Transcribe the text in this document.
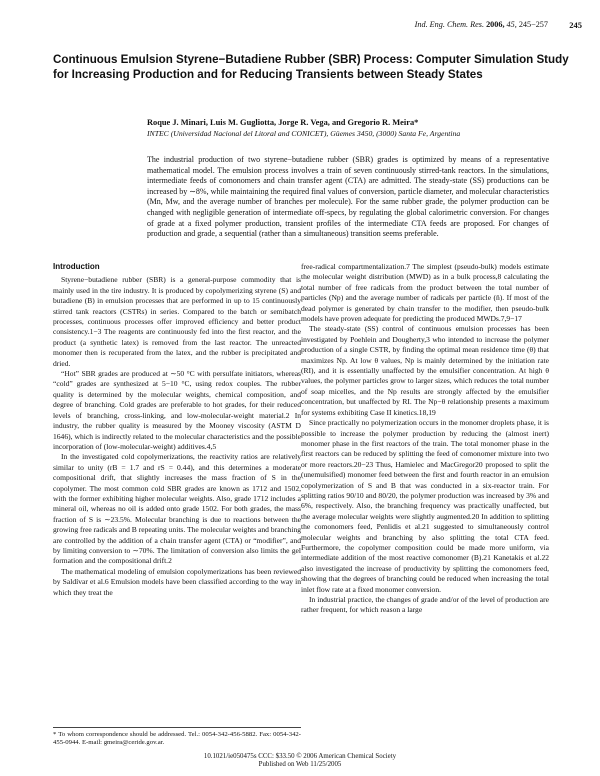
Ind. Eng. Chem. Res. 2006, 45, 245−257	245
Continuous Emulsion Styrene−Butadiene Rubber (SBR) Process: Computer Simulation Study for Increasing Production and for Reducing Transients between Steady States
Roque J. Minari, Luis M. Gugliotta, Jorge R. Vega, and Gregorio R. Meira*
INTEC (Universidad Nacional del Litoral and CONICET), Güemes 3450, (3000) Santa Fe, Argentina
The industrial production of two styrene−butadiene rubber (SBR) grades is optimized by means of a representative mathematical model. The emulsion process involves a train of seven continuously stirred-tank reactors. In the simulations, intermediate feeds of comonomers and chain transfer agent (CTA) are admitted. The steady-state (SS) productions can be increased by ∼8%, while maintaining the required final values of conversion, particle diameter, and molecular characteristics (Mn, Mw, and the average number of branches per molecule). For the same rubber grade, the polymer production can be changed with negligible generation of intermediate off-specs, by regulating the global calorimetric conversion. For changes of grade at a fixed polymer production, transient profiles of the intermediate CTA feeds are proposed. For changes of production and grade, a sequential (rather than a simultaneous) transition seems preferable.
Introduction

Styrene−butadiene rubber (SBR) is a general-purpose commodity that is mainly used in the tire industry. It is produced by copolymerizing styrene (S) and butadiene (B) in emulsion processes that are performed in up to 15 continuously stirred tank reactors (CSTRs) in series. Compared to the batch or semibatch processes, continuous processes offer improved efficiency and better product consistency.1−3 The reagents are continuously fed into the first reactor, and the product (a synthetic latex) is removed from the last reactor. The unreacted monomer then is recuperated from the latex, and the rubber is precipitated and dried.

“Hot” SBR grades are produced at ∼50 °C with persulfate initiators, whereas “cold” grades are synthesized at 5−10 °C, using redox couples. The rubber quality is determined by the molecular weights, chemical composition, and degree of branching. Cold grades are preferable to hot grades, for their reduced levels of branching, cross-linking, and low-molecular-weight material.2 In industry, the rubber quality is measured by the Mooney viscosity (ASTM D 1646), which is indirectly related to the molecular characteristics and the possible incorporation of (low-molecular-weight) additives.4,5

In the investigated cold copolymerizations, the reactivity ratios are relatively similar to unity (rB = 1.7 and rS = 0.44), and this determines a moderate compositional drift, that slightly increases the mass fraction of S in the copolymer. The most common cold SBR grades are known as 1712 and 1502, with the former exhibiting higher molecular weights. Also, grade 1712 includes a mineral oil, whereas no oil is added onto grade 1502. For both grades, the mass fraction of S is ∼23.5%. Molecular branching is due to reactions between the growing free radicals and B repeating units. The molecular weights and branching are controlled by the addition of a chain transfer agent (CTA) or “modifier”, and by limiting conversion to ∼70%. The limitation of conversion also limits the gel formation and the compositional drift.2

The mathematical modeling of emulsion copolymerizations has been reviewed by Saldívar et al.6 Emulsion models have been classified according to the way in which they treat the

free-radical compartmentalization.7 The simplest (pseudo-bulk) models estimate the molecular weight distribution (MWD) as in a bulk process,8 calculating the total number of free radicals from the product between the total number of particles (Np) and the average number of radicals per particle (n̄). If most of the dead polymer is generated by chain transfer to the modifier, then pseudo-bulk models have proven adequate for predicting the produced MWDs.7,9−17

The steady-state (SS) control of continuous emulsion processes has been investigated by Poehlein and Dougherty,3 who intended to increase the polymer production of a single CSTR, by finding the optimal mean residence time (θ) that maximizes Np. At low θ values, Np is mainly determined by the initiation rate (RI), and it is essentially unaffected by the emulsifier concentration. At high θ values, the polymer particles grow to larger sizes, which reduces the total number of soap micelles, and the Np results are strongly affected by the emulsifier concentration, but unaffected by RI. The Np−θ relationship presents a maximum for systems exhibiting Case II kinetics.18,19

Since practically no polymerization occurs in the monomer droplets phase, it is possible to increase the polymer production by reducing the (almost inert) monomer phase in the first reactors of the train. The total monomer phase in the first reactors can be reduced by splitting the feed of comonomer mixture into two or more reactors.20−23 Thus, Hamielec and MacGregor20 proposed to split the (unemulsified) monomer feed between the first and fourth reactor in an emulsion copolymerization of S and B that was conducted in a six-reactor train. For splitting ratios 90/10 and 80/20, the polymer production was increased by 3% and 6%, respectively. Also, the branching frequency was practically unaffected, but the average molecular weights were slightly augmented.20 In addition to splitting the comonomers feed, Penlidis et al.21 suggested to simultaneously control molecular weights and branching by also splitting the total CTA feed. Furthermore, the copolymer composition could be made more uniform, via intermediate addition of the most reactive comonomer (B).21 Kanetakis et al.22 also investigated the increase of productivity by splitting the comonomers feed, showing that the degrees of branching could be reduced when increasing the total inlet flow rate at a fixed monomer conversion.

In industrial practice, the changes of grade and/or of the level of production are rather frequent, for which reason a large

* To whom correspondence should be addressed. Tel.: 0054-342-456-5882. Fax: 0054-342-455-0944. E-mail: gmeira@ceride.gov.ar.
10.1021/ie050475s CCC: $33.50 © 2006 American Chemical Society
Published on Web 11/25/2005
